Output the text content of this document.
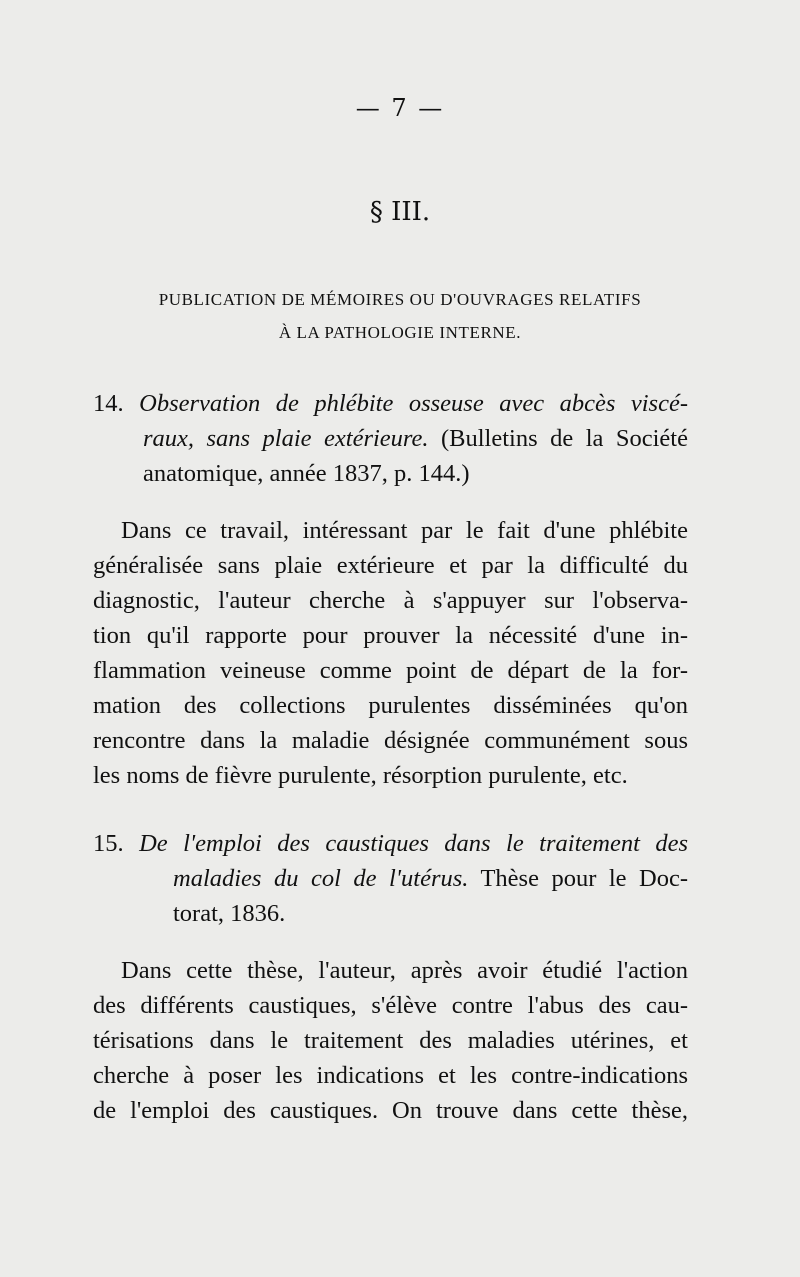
— 7 —
§ III.
PUBLICATION DE MÉMOIRES OU D'OUVRAGES RELATIFS
À LA PATHOLOGIE INTERNE.
14. Observation de phlébite osseuse avec abcès viscé-
raux, sans plaie extérieure. (Bulletins de la Société
anatomique, année 1837, p. 144.)
Dans ce travail, intéressant par le fait d'une phlébite
généralisée sans plaie extérieure et par la difficulté du
diagnostic, l'auteur cherche à s'appuyer sur l'observa-
tion qu'il rapporte pour prouver la nécessité d'une in-
flammation veineuse comme point de départ de la for-
mation des collections purulentes disséminées qu'on
rencontre dans la maladie désignée communément sous
les noms de fièvre purulente, résorption purulente, etc.
15. De l'emploi des caustiques dans le traitement des
maladies du col de l'utérus. Thèse pour le Doc-
torat, 1836.
Dans cette thèse, l'auteur, après avoir étudié l'action
des différents caustiques, s'élève contre l'abus des cau-
térisations dans le traitement des maladies utérines, et
cherche à poser les indications et les contre-indications
de l'emploi des caustiques. On trouve dans cette thèse,
